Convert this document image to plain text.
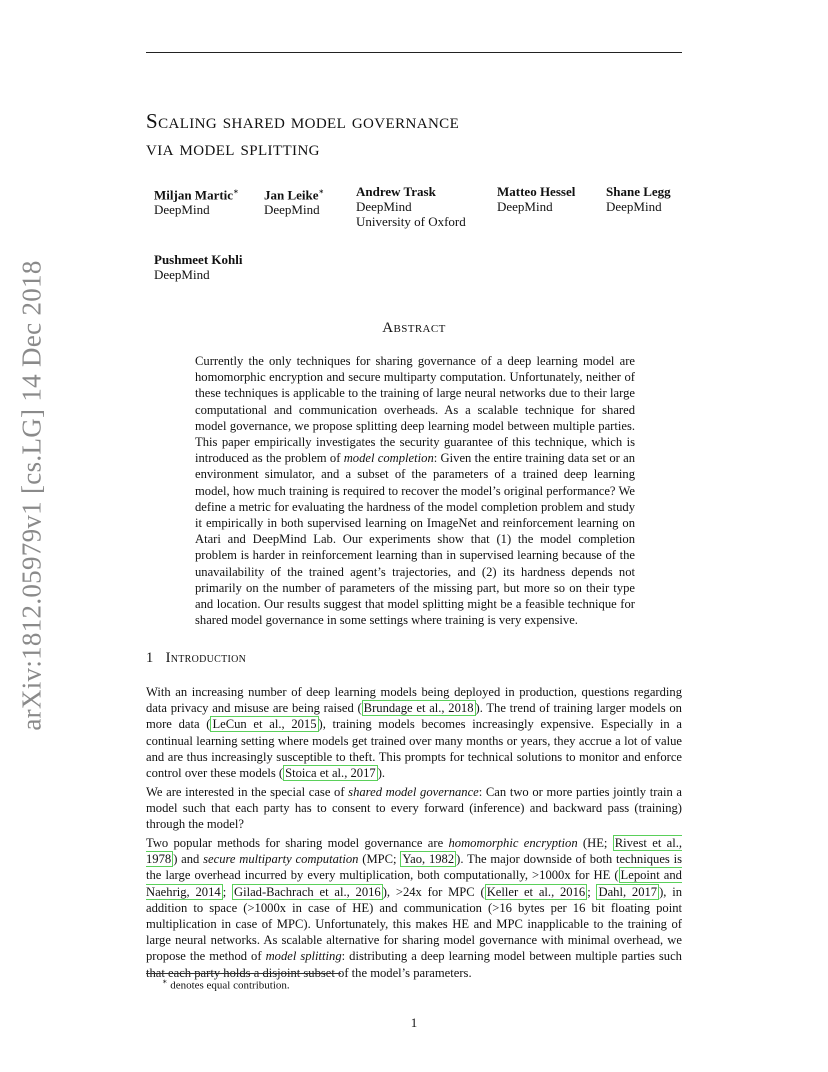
arXiv:1812.05979v1 [cs.LG] 14 Dec 2018
Scaling shared model governance
via model splitting
Miljan Martic∗
DeepMind
Jan Leike∗
DeepMind
Andrew Trask
DeepMind
University of Oxford
Matteo Hessel
DeepMind
Shane Legg
DeepMind
Pushmeet Kohli
DeepMind
Abstract
Currently the only techniques for sharing governance of a deep learning model are homomorphic encryption and secure multiparty computation. Unfortunately, neither of these techniques is applicable to the training of large neural networks due to their large computational and communication overheads. As a scalable technique for shared model governance, we propose splitting deep learning model between multiple parties. This paper empirically investigates the security guarantee of this technique, which is introduced as the problem of model completion: Given the entire training data set or an environment simulator, and a subset of the parameters of a trained deep learning model, how much training is required to recover the model’s original performance? We define a metric for evaluating the hardness of the model completion problem and study it empirically in both supervised learning on ImageNet and reinforcement learning on Atari and DeepMind Lab. Our experiments show that (1) the model completion problem is harder in reinforcement learning than in supervised learning because of the unavailability of the trained agent’s trajectories, and (2) its hardness depends not primarily on the number of parameters of the missing part, but more so on their type and location. Our results suggest that model splitting might be a feasible technique for shared model governance in some settings where training is very expensive.
1 Introduction
With an increasing number of deep learning models being deployed in production, questions regarding data privacy and misuse are being raised ( Brundage et al., 2018 ). The trend of training larger models on more data ( LeCun et al., 2015 ), training models becomes increasingly expensive. Especially in a continual learning setting where models get trained over many months or years, they accrue a lot of value and are thus increasingly susceptible to theft. This prompts for technical solutions to monitor and enforce control over these models ( Stoica et al., 2017 ).
We are interested in the special case of shared model governance: Can two or more parties jointly train a model such that each party has to consent to every forward (inference) and backward pass (training) through the model?
Two popular methods for sharing model governance are homomorphic encryption (HE; Rivest et al., 1978 ) and secure multiparty computation (MPC; Yao, 1982 ). The major downside of both techniques is the large overhead incurred by every multiplication, both computationally, >1000x for HE ( Lepoint and Naehrig, 2014 ; Gilad-Bachrach et al., 2016 ), >24x for MPC ( Keller et al., 2016 ; Dahl, 2017 ), in addition to space (>1000x in case of HE) and communication (>16 bytes per 16 bit floating point multiplication in case of MPC). Unfortunately, this makes HE and MPC inapplicable to the training of large neural networks. As scalable alternative for sharing model governance with minimal overhead, we propose the method of model splitting: distributing a deep learning model between multiple parties such that each party holds a disjoint subset of the model’s parameters.
∗ denotes equal contribution.
1
